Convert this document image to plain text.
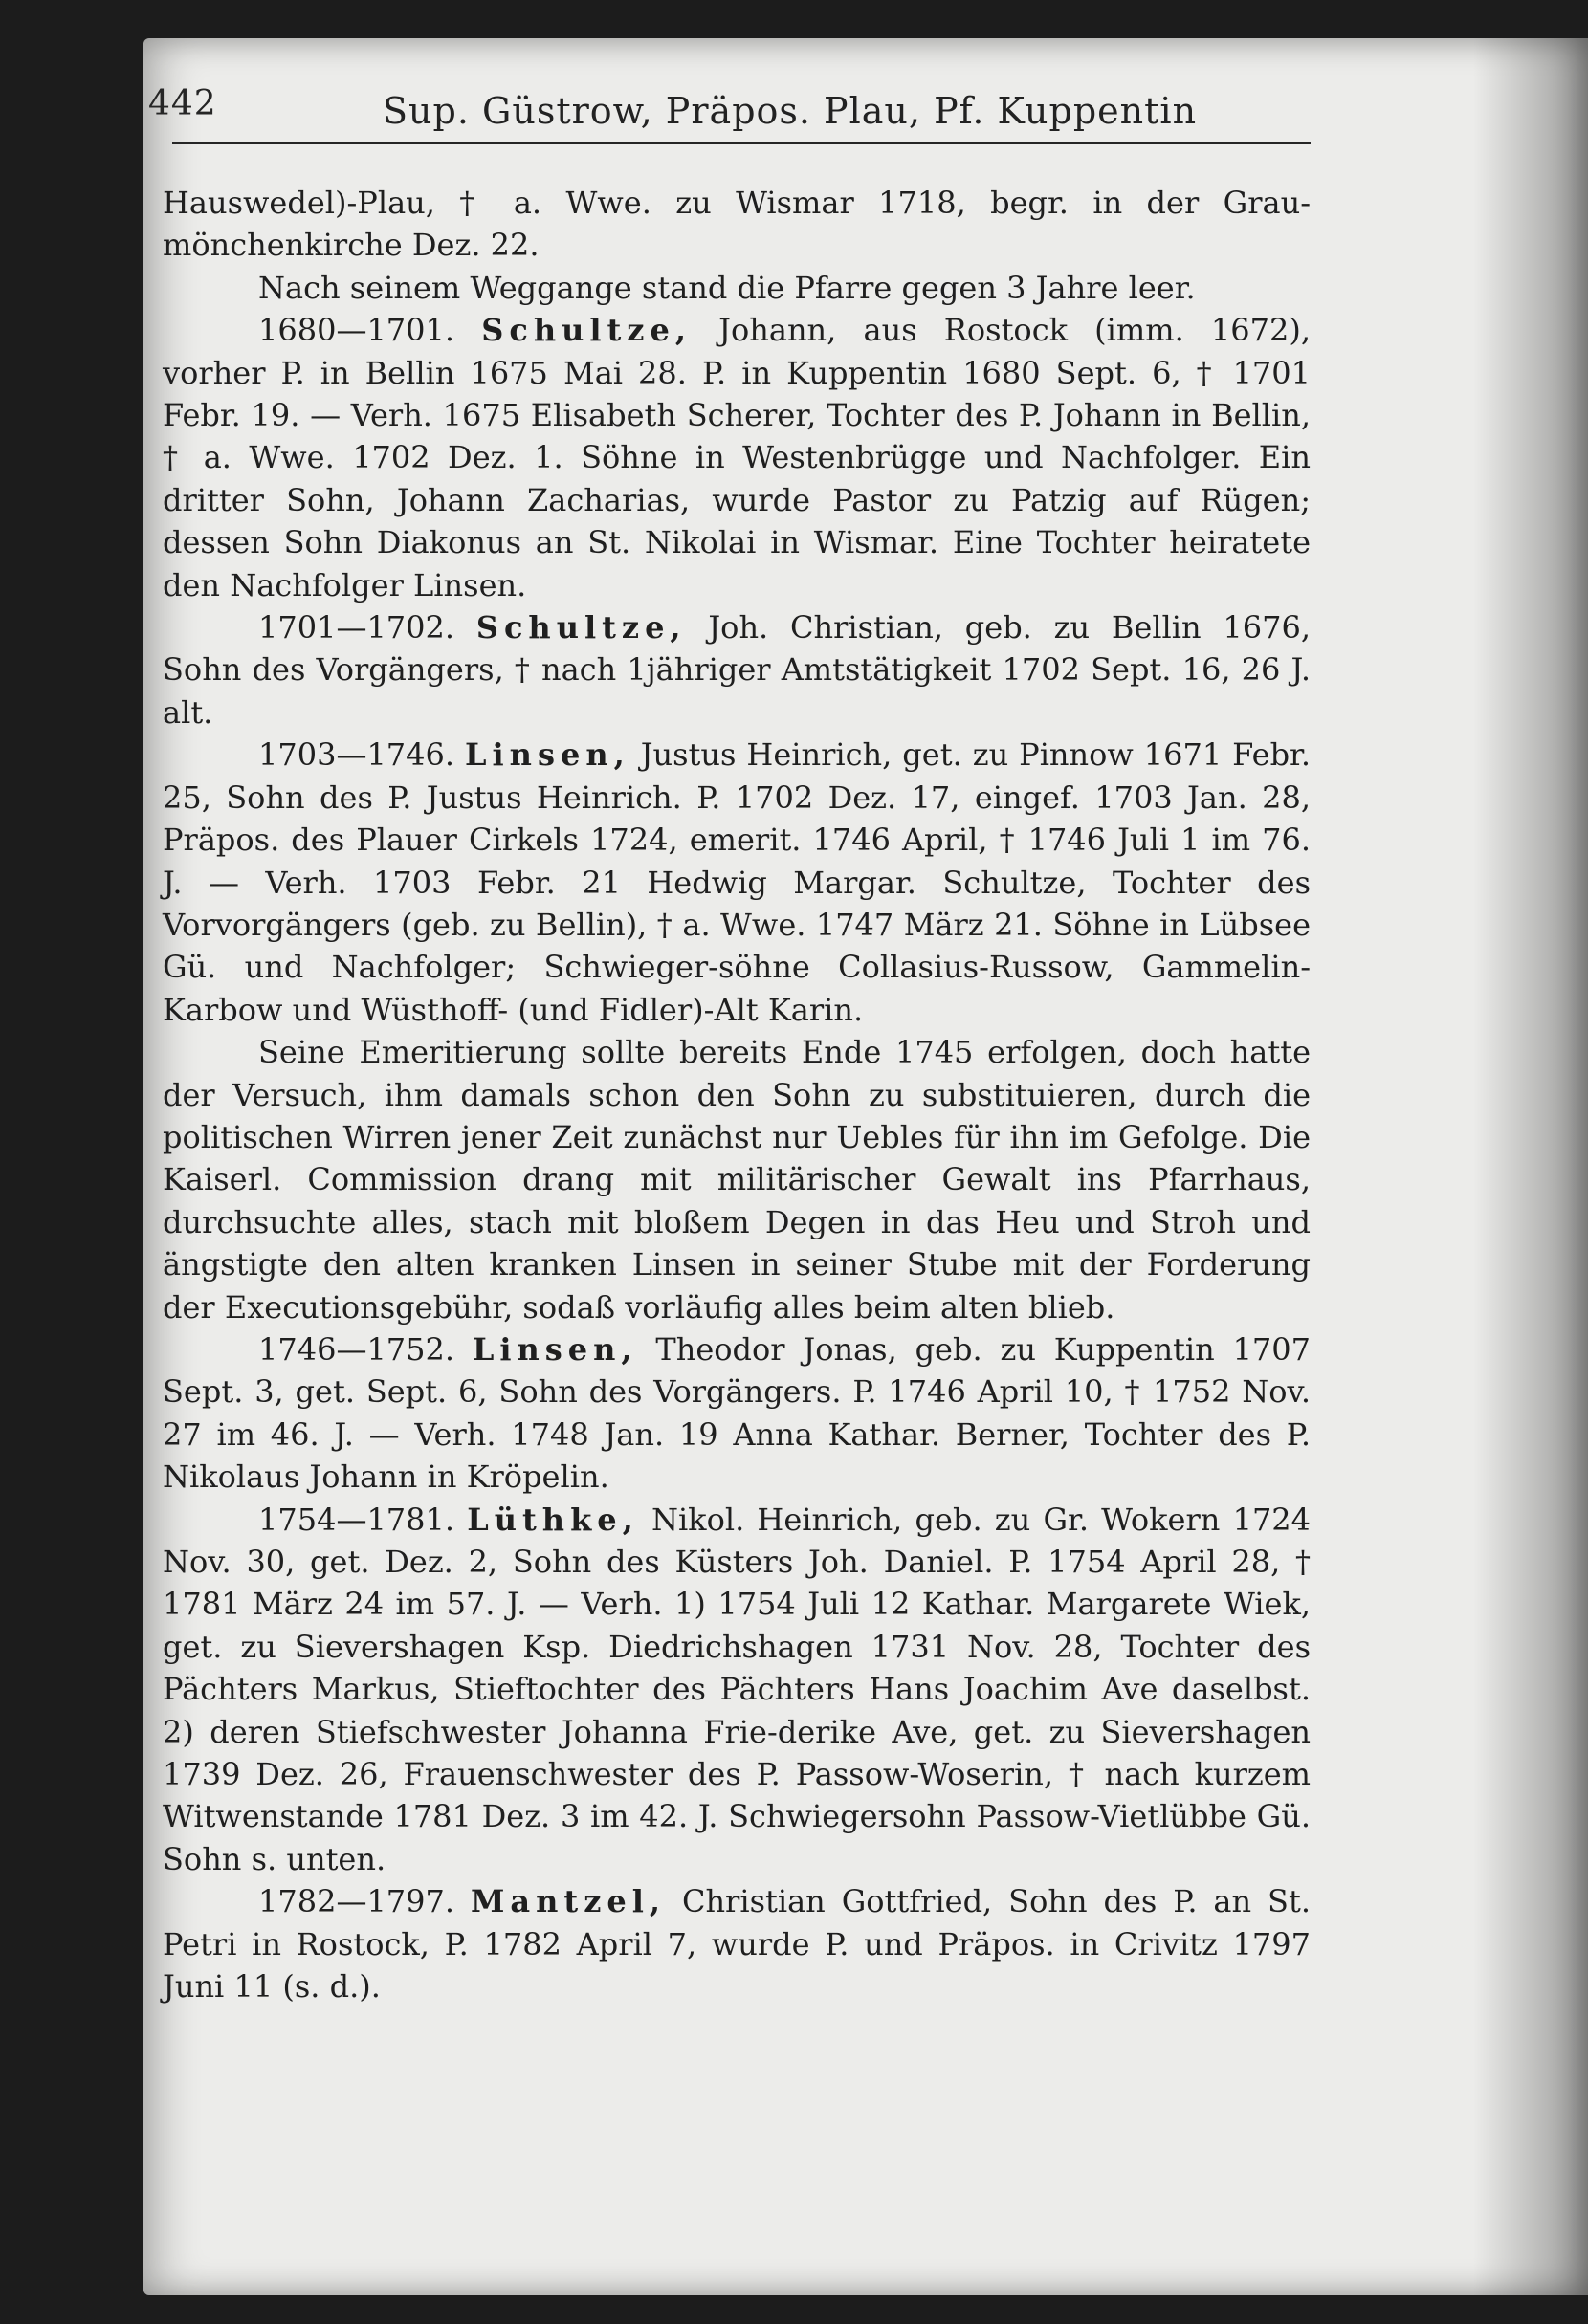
442	Sup. Güstrow, Präpos. Plau, Pf. Kuppentin

Hauswedel)-Plau, † a. Wwe. zu Wismar 1718, begr. in der Grau-mönchenkirche Dez. 22.

Nach seinem Weggange stand die Pfarre gegen 3 Jahre leer.

1680—1701. Schultze, Johann, aus Rostock (imm. 1672), vorher P. in Bellin 1675 Mai 28. P. in Kuppentin 1680 Sept. 6, † 1701 Febr. 19. — Verh. 1675 Elisabeth Scherer, Tochter des P. Johann in Bellin, † a. Wwe. 1702 Dez. 1. Söhne in Westenbrügge und Nachfolger. Ein dritter Sohn, Johann Zacharias, wurde Pastor zu Patzig auf Rügen; dessen Sohn Diakonus an St. Nikolai in Wismar. Eine Tochter heiratete den Nachfolger Linsen.

1701—1702. Schultze, Joh. Christian, geb. zu Bellin 1676, Sohn des Vorgängers, † nach 1jähriger Amtstätigkeit 1702 Sept. 16, 26 J. alt.

1703—1746. Linsen, Justus Heinrich, get. zu Pinnow 1671 Febr. 25, Sohn des P. Justus Heinrich. P. 1702 Dez. 17, eingef. 1703 Jan. 28, Präpos. des Plauer Cirkels 1724, emerit. 1746 April, † 1746 Juli 1 im 76. J. — Verh. 1703 Febr. 21 Hedwig Margar. Schultze, Tochter des Vorvorgängers (geb. zu Bellin), † a. Wwe. 1747 März 21. Söhne in Lübsee Gü. und Nachfolger; Schwieger-söhne Collasius-Russow, Gammelin-Karbow und Wüsthoff- (und Fidler)-Alt Karin.

Seine Emeritierung sollte bereits Ende 1745 erfolgen, doch hatte der Versuch, ihm damals schon den Sohn zu substituieren, durch die politischen Wirren jener Zeit zunächst nur Uebles für ihn im Gefolge. Die Kaiserl. Commission drang mit militärischer Gewalt ins Pfarrhaus, durchsuchte alles, stach mit bloßem Degen in das Heu und Stroh und ängstigte den alten kranken Linsen in seiner Stube mit der Forderung der Executionsgebühr, sodaß vorläufig alles beim alten blieb.

1746—1752. Linsen, Theodor Jonas, geb. zu Kuppentin 1707 Sept. 3, get. Sept. 6, Sohn des Vorgängers. P. 1746 April 10, † 1752 Nov. 27 im 46. J. — Verh. 1748 Jan. 19 Anna Kathar. Berner, Tochter des P. Nikolaus Johann in Kröpelin.

1754—1781. Lüthke, Nikol. Heinrich, geb. zu Gr. Wokern 1724 Nov. 30, get. Dez. 2, Sohn des Küsters Joh. Daniel. P. 1754 April 28, † 1781 März 24 im 57. J. — Verh. 1) 1754 Juli 12 Kathar. Margarete Wiek, get. zu Sievershagen Ksp. Diedrichshagen 1731 Nov. 28, Tochter des Pächters Markus, Stieftochter des Pächters Hans Joachim Ave daselbst. 2) deren Stiefschwester Johanna Frie-derike Ave, get. zu Sievershagen 1739 Dez. 26, Frauenschwester des P. Passow-Woserin, † nach kurzem Witwenstande 1781 Dez. 3 im 42. J. Schwiegersohn Passow-Vietlübbe Gü. Sohn s. unten.

1782—1797. Mantzel, Christian Gottfried, Sohn des P. an St. Petri in Rostock, P. 1782 April 7, wurde P. und Präpos. in Crivitz 1797 Juni 11 (s. d.).
